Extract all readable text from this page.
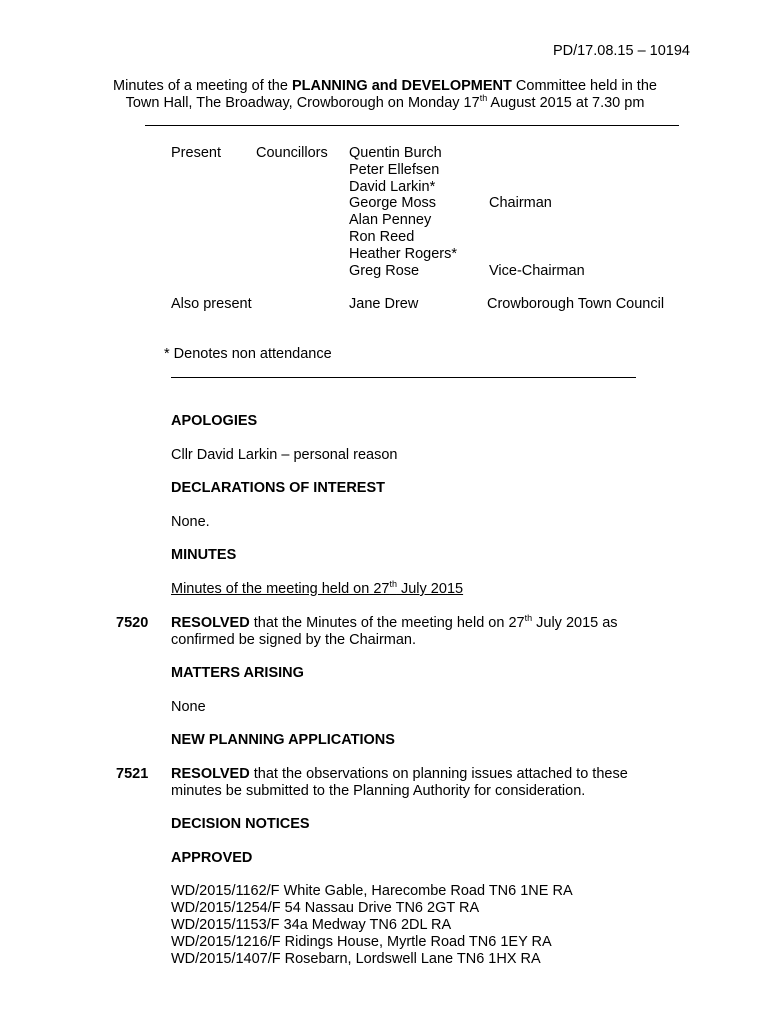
PD/17.08.15 – 10194
Minutes of a meeting of the PLANNING and DEVELOPMENT Committee held in the
Town Hall, The Broadway, Crowborough on Monday 17th August 2015 at 7.30 pm
Present Councillors Quentin Burch
Peter Ellefsen
David Larkin*
George Moss	Chairman
Alan Penney
Ron Reed
Heather Rogers*
Greg Rose	Vice-Chairman
Also present	Jane Drew	Crowborough Town Council
* Denotes non attendance
APOLOGIES
Cllr David Larkin – personal reason
DECLARATIONS OF INTEREST
None.
MINUTES
Minutes of the meeting held on 27th July 2015
7520 RESOLVED that the Minutes of the meeting held on 27th July 2015 as
confirmed be signed by the Chairman.
MATTERS ARISING
None
NEW PLANNING APPLICATIONS
7521 RESOLVED that the observations on planning issues attached to these
minutes be submitted to the Planning Authority for consideration.
DECISION NOTICES
APPROVED
WD/2015/1162/F White Gable, Harecombe Road TN6 1NE RA
WD/2015/1254/F 54 Nassau Drive TN6 2GT RA
WD/2015/1153/F 34a Medway TN6 2DL RA
WD/2015/1216/F Ridings House, Myrtle Road TN6 1EY RA
WD/2015/1407/F Rosebarn, Lordswell Lane TN6 1HX RA
